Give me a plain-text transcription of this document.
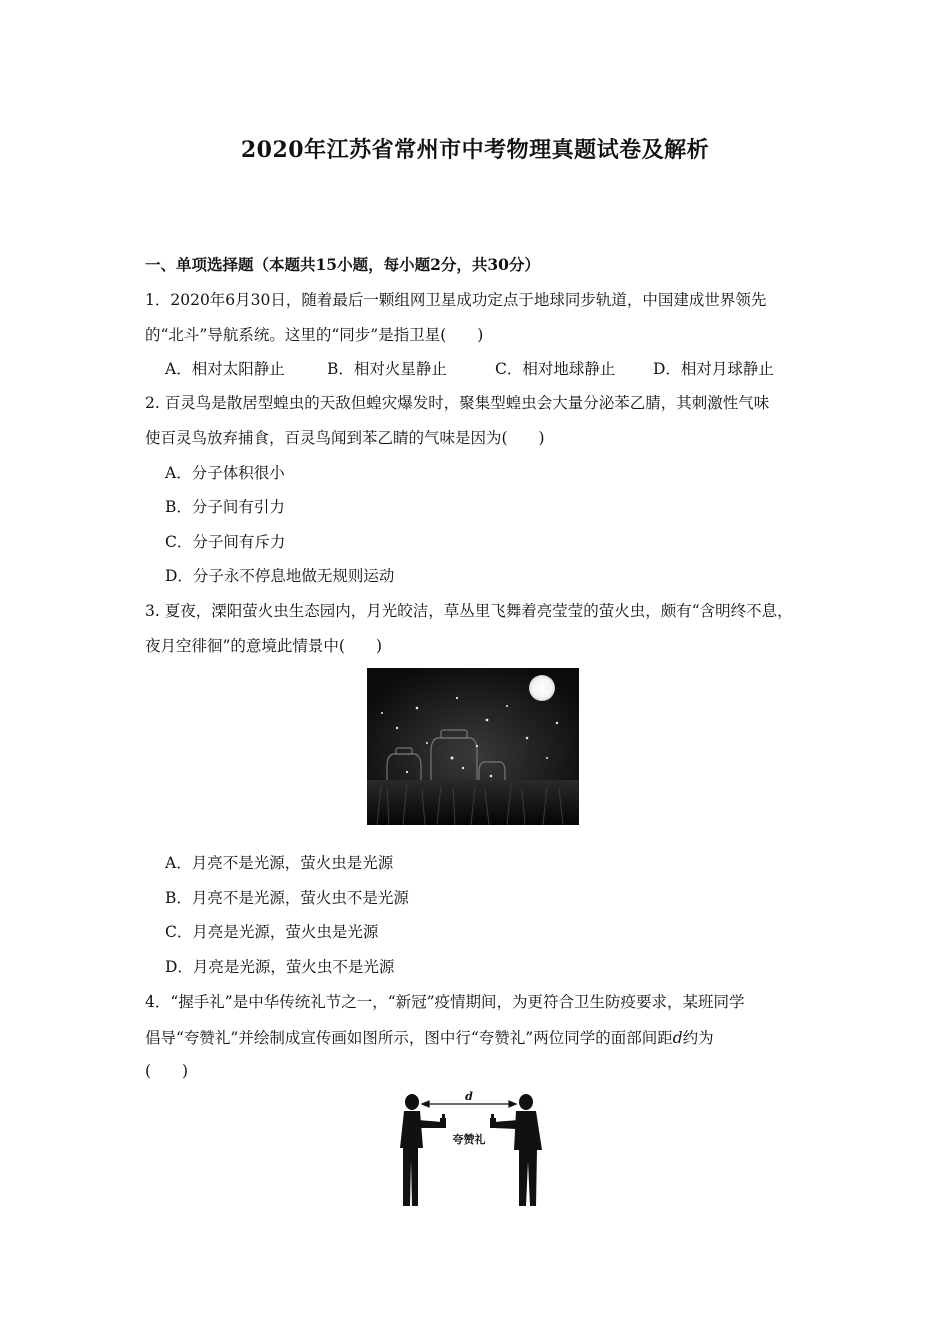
2020年江苏省常州市中考物理真题试卷及解析
一、单项选择题（本题共15小题，每小题2分，共30分）
1．2020年6月30日，随着最后一颗组网卫星成功定点于地球同步轨道，中国建成世界领先
的“北斗”导航系统。这里的“同步”是指卫星(　　)
A．相对太阳静止	B．相对火星静止	C．相对地球静止 D．相对月球静止
2. 百灵鸟是散居型蝗虫的天敌但蝗灾爆发时，聚集型蝗虫会大量分泌苯乙腈，其刺激性气味
使百灵鸟放弃捕食，百灵鸟闻到苯乙睛的气味是因为(　　)
A．分子体积很小
B．分子间有引力
C．分子间有斥力
D．分子永不停息地做无规则运动
3. 夏夜，溧阳萤火虫生态园内，月光皎洁，草丛里飞舞着亮莹莹的萤火虫，颇有“含明终不息，
夜月空徘徊”的意境此情景中(　　)
A．月亮不是光源，萤火虫是光源
B．月亮不是光源，萤火虫不是光源
C．月亮是光源，萤火虫是光源
D．月亮是光源，萤火虫不是光源
4．“握手礼”是中华传统礼节之一，“新冠”疫情期间，为更符合卫生防疫要求，某班同学
倡导“夸赞礼”并绘制成宣传画如图所示，图中行“夸赞礼”两位同学的面部间距d约为
(　　)
d
夸赞礼
